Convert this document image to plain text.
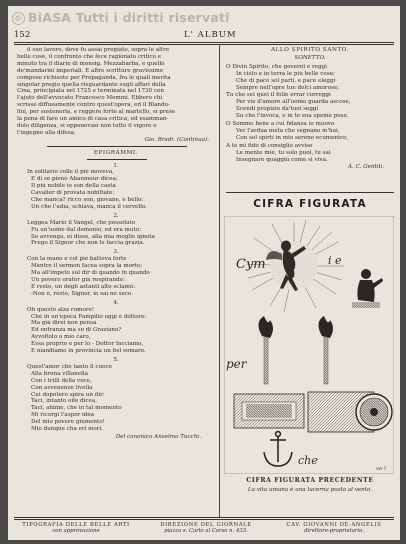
© BiASA Tutti i diritti riservati
152	L' ALBUM
il suo lavoro, dove fu assai pregiato, sopra le altre
belle cose, il confronto che fece ragionato critico e
minuto tra il diario di monsig. Mezzabarba, e quello
de'mandarini imperiali. E altre scritture gravissime
compose richieste per Propaganda, fra le quali merita
singolar pregio quella risguardante sugli affari della
Cina, principiata nel 1725 e terminata nel 1730 con
l'ajuto dell'avvocato Francesco Memmi. Ebbero chi
scrisse diffusamente contro quest'opera, ed il Blando-
lini, per sostenerla, e reggere forte al martello, si prese
la pena di fare un amico di casa critica, ed esamman-
dolo diligenza, si opponevasi non tutto il vigore e
l'ingegno alla difesa.
Gio. Bradi. (Continua).
EPIGRAMMI.
1.
In solitario colle il piè moveva,
E di se pieno Abanmour dicea;
Il più nobile io son della casta
Cavalier di provata nobiltate:
Che manca? ricco son, giovane, e bello:
Un che l'udia, schiava, manca il cervello.
2.
Leggea Mario il Vangel, che possoluto
Fu un'uomo dal demonio, ed era muto:
Se avvenga, ei disse, alla mia moglie ignota
Prego il Signor che non le faccia grazia.
3.
Con la mano e col piè batteva forte
Mentre il sermon facea sopra la morte;
Ma all'impeto sul dir di quando in quando
Un povero orator già respirando:
E resto, un degli astanti alto sclamò:
-Non è, resto, Signor, io sai ne seco.
4.
Oh questo alza rumore!
Chè in un'epoca Pampilio oggi è dottore:
Ma già direi non pensa
Ed entranza ma so di Graziano?
Avvoltolo o mio caro,
Essa proprio e per lo - Dottor facciamo,
E mandiamo in provincia un bel somaro.
5.
Quest'amor che tanto il cuoce
Alla bruna villanella
Con i trilli della voce,
Con avvenenze livella
Cui dopotero spira un dir:
Taci, intanto eile dicea,
Taci, ahimè, che in tal momento
Mi ricorgi l'asper idea
Del mio povero giumento!
Mio dunque cha eri mori.
Del canonico Anselmo Tucchi.
ALLO SPIRITO SANTO.
SONETTO.
O Divin Spirito, che governi e reggi
In cielo e in terra le più belle cose;
Che di pace sol parli, e pace eleggi
Sempre nell'opre tue dolci amorose;
Tu che sei quei il folle errar correggi
Per vie d'amore all'uomo guarda ascose,
Scendi propizio da'tuoi seggi
Su che l'invoca, e in te sua speme pose.
O Sommo bene a cui fidanza io muovo
Ver l'ardua meta che segnano m'hai,
Con sol spirti in mio sereno ecumenico,
A te mi fido di consiglio avviso
Le mente mie, tu solo puoi, tu sai
Insegnare quaggiù come si viva.
A. C. Gentili.
CIFRA FIGURATA
Cym	i e
per
che
ve-?
CIFRA FIGURATA PRECEDENTE
La vita umana è una lucerna posta al vento.
TIPOGRAFIA DELLE BELLE ARTI
con approvazione
DIREZIONE DEL GIORNALE
piazza s. Carlo al Corso n. 433.
CAV. GIOVANNI DE-ANGELIS
direttore-proprietario.
